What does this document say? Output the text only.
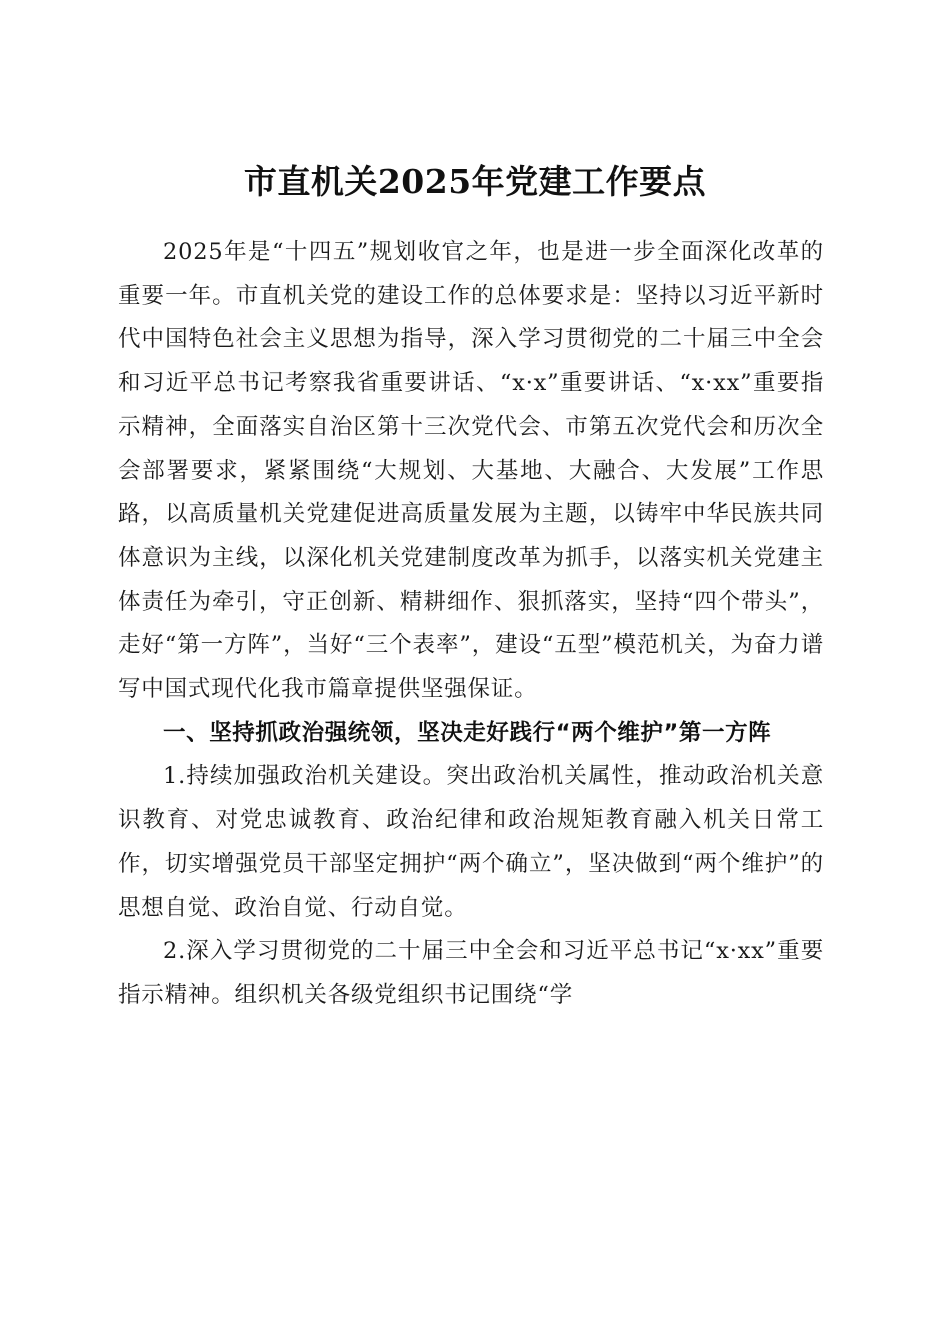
市直机关2025年党建工作要点

2025年是“十四五”规划收官之年，也是进一步全面深化改革的重要一年。市直机关党的建设工作的总体要求是：坚持以习近平新时代中国特色社会主义思想为指导，深入学习贯彻党的二十届三中全会和习近平总书记考察我省重要讲话、“x·x”重要讲话、“x·xx”重要指示精神，全面落实自治区第十三次党代会、市第五次党代会和历次全会部署要求，紧紧围绕“大规划、大基地、大融合、大发展”工作思路，以高质量机关党建促进高质量发展为主题，以铸牢中华民族共同体意识为主线，以深化机关党建制度改革为抓手，以落实机关党建主体责任为牵引，守正创新、精耕细作、狠抓落实，坚持“四个带头”，走好“第一方阵”，当好“三个表率”，建设“五型”模范机关，为奋力谱写中国式现代化我市篇章提供坚强保证。

一、坚持抓政治强统领，坚决走好践行“两个维护”第一方阵

1.持续加强政治机关建设。突出政治机关属性，推动政治机关意识教育、对党忠诚教育、政治纪律和政治规矩教育融入机关日常工作，切实增强党员干部坚定拥护“两个确立”，坚决做到“两个维护”的思想自觉、政治自觉、行动自觉。

2.深入学习贯彻党的二十届三中全会和习近平总书记“x·xx”重要指示精神。组织机关各级党组织书记围绕“学
